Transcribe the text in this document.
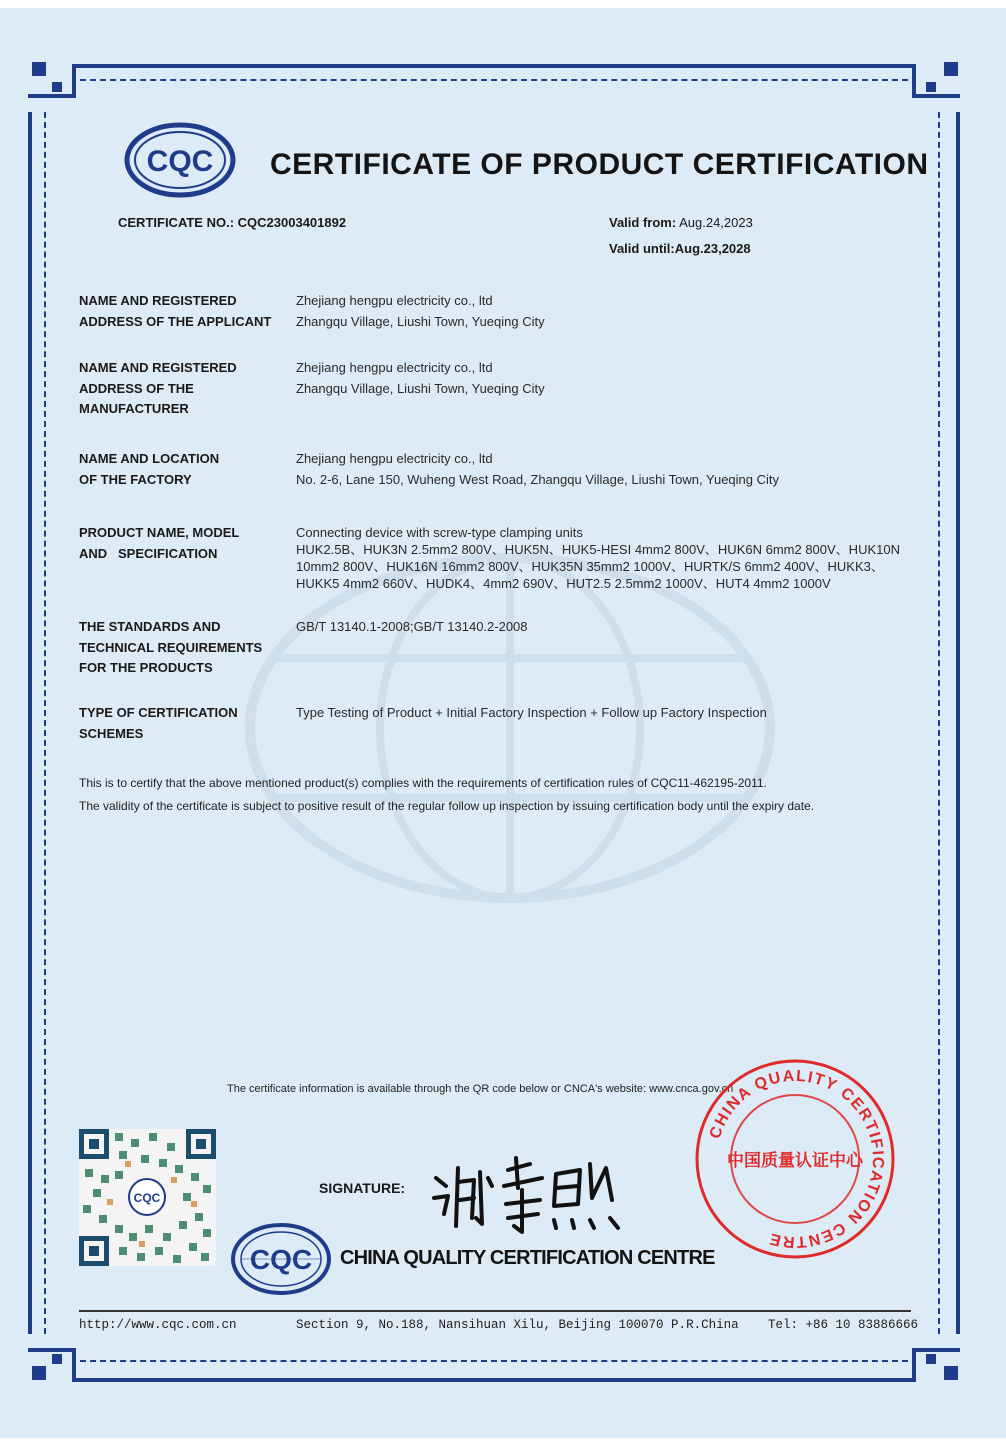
CQC CERTIFICATE OF PRODUCT CERTIFICATION
CERTIFICATE NO.: CQC23003401892	Valid from: Aug.24,2023
Valid until:Aug.23,2028
NAME AND REGISTERED
ADDRESS OF THE APPLICANT
Zhejiang hengpu electricity co., ltd
Zhangqu Village, Liushi Town, Yueqing City
NAME AND REGISTERED
ADDRESS OF THE
MANUFACTURER
Zhejiang hengpu electricity co., ltd
Zhangqu Village, Liushi Town, Yueqing City
NAME AND LOCATION
OF THE FACTORY
Zhejiang hengpu electricity co., ltd
No. 2-6, Lane 150, Wuheng West Road, Zhangqu Village, Liushi Town, Yueqing City
PRODUCT NAME, MODEL
AND   SPECIFICATION
Connecting device with screw-type clamping units
HUK2.5B、HUK3N 2.5mm2 800V、HUK5N、HUK5-HESI 4mm2 800V、HUK6N 6mm2 800V、HUK10N
10mm2 800V、HUK16N 16mm2 800V、HUK35N 35mm2 1000V、HURTK/S 6mm2 400V、HUKK3、
HUKK5 4mm2 660V、HUDK4、4mm2 690V、HUT2.5 2.5mm2 1000V、HUT4 4mm2 1000V
THE STANDARDS AND
TECHNICAL REQUIREMENTS
FOR THE PRODUCTS
GB/T 13140.1-2008;GB/T 13140.2-2008
TYPE OF CERTIFICATION
SCHEMES
Type Testing of Product + Initial Factory Inspection + Follow up Factory Inspection
This is to certify that the above mentioned product(s) complies with the requirements of certification rules of CQC11-462195-2011.
The validity of the certificate is subject to positive result of the regular follow up inspection by issuing certification body until the expiry date.
The certificate information is available through the QR code below or CNCA's website: www.cnca.gov.cn
CQC
SIGNATURE:
CQC CHINA QUALITY CERTIFICATION CENTRE
CHINA QUALITY CERTIFICATION CENTRE
中国质量认证中心
http://www.cqc.com.cn	Section 9, No.188, Nansihuan Xilu, Beijing 100070 P.R.China Tel: +86 10 83886666
